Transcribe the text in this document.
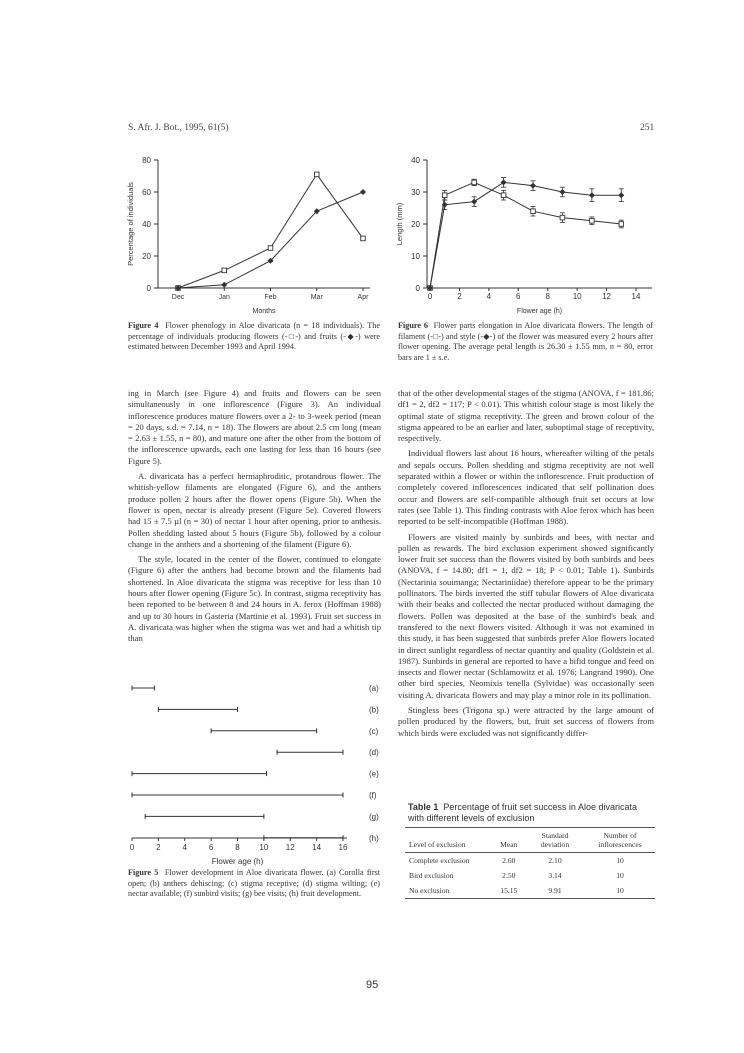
S. Afr. J. Bot., 1995, 61(5)	251
0
20
40
60
80
Dec	Jan	Feb	Mar	Apr
Months
Percentage of individuals
Figure 4 Flower phenology in Aloe divaricata (n = 18 individuals). The percentage of individuals producing flowers (-□-) and fruits (-◆-) were estimated between December 1993 and April 1994.
0
10
20
30
40
0	2	4	6	8	10	12	14
Flower age (h)
Length (mm)
Figure 6 Flower parts elongation in Aloe divaricata flowers. The length of filament (-□-) and style (-◆-) of the flower was measured every 2 hours after flower opening. The average petal length is 26.30 ± 1.55 mm, n = 80, error bars are 1 ± s.e.

ing in March (see Figure 4) and fruits and flowers can be seen simultaneously in one inflorescence (Figure 3). An individual inflorescence produces mature flowers over a 2- to 3-week period (mean = 20 days, s.d. = 7.14, n = 18). The flowers are about 2.5 cm long (mean = 2.63 ± 1.55, n = 80), and mature one after the other from the bottom of the inflorescence upwards, each one lasting for less than 16 hours (see Figure 5).

A. divaricata has a perfect hermaphroditic, protandrous flower. The whitish-yellow filaments are elongated (Figure 6), and the anthers produce pollen 2 hours after the flower opens (Figure 5b). When the flower is open, nectar is already present (Figure 5e). Covered flowers had 15 ± 7.5 µl (n = 30) of nectar 1 hour after opening, prior to anthesis. Pollen shedding lasted about 5 hours (Figure 5b), followed by a colour change in the anthers and a shortening of the filament (Figure 6).

The style, located in the center of the flower, continued to elongate (Figure 6) after the anthers had become brown and the filaments had shortened. In Aloe divaricata the stigma was receptive for less than 10 hours after flower opening (Figure 5c). In contrast, stigma receptivity has been reported to be between 8 and 24 hours in A. ferox (Hoffman 1988) and up to 30 hours in Gasteria (Martinie et al. 1993). Fruit set success in A. divaricata was higher when the stigma was wet and had a whitish tip than

that of the other developmental stages of the stigma (ANOVA, f = 181.86; df1 = 2, df2 = 117; P < 0.01). This whitish colour stage is most likely the optimal state of stigma receptivity. The green and brown colour of the stigma appeared to be an earlier and later, suboptimal stage of receptivity, respectively.

Individual flowers last about 16 hours, whereafter wilting of the petals and sepals occurs. Pollen shedding and stigma receptivity are not well separated within a flower or within the inflorescence. Fruit production of completely covered inflorescences indicated that self pollination does occur and flowers are self-compatible although fruit set occurs at low rates (see Table 1). This finding contrasts with Aloe ferox which has been reported to be self-incompatible (Hoffman 1988).

Flowers are visited mainly by sunbirds and bees, with nectar and pollen as rewards. The bird exclusion experiment showed significantly lower fruit set success than the flowers visited by both sunbirds and bees (ANOVA, f = 14.80; df1 = 1, df2 = 18; P < 0.01; Table 1). Sunbirds (Nectarinia souimanga; Nectariniidae) therefore appear to be the primary pollinators. The birds inverted the stiff tubular flowers of Aloe divaricata with their beaks and collected the nectar produced without damaging the flowers. Pollen was deposited at the base of the sunbird's beak and transfered to the next flowers visited. Although it was not examined in this study, it has been suggested that sunbirds prefer Aloe flowers located in direct sunlight regardless of nectar quantity and quality (Goldstein et al. 1987). Sunbirds in general are reported to have a bifid tongue and feed on insects and flower nectar (Schlamowitz et al. 1976; Langrand 1990). One other bird species, Neomixis tenella (Sylvidae) was occasionally seen visiting A. divaricata flowers and may play a minor role in its pollination.

Stingless bees (Trigona sp.) were attracted by the large amount of pollen produced by the flowers, but, fruit set success of flowers from which birds were excluded was not significantly differ-

(a)
(b)
(c)
(d)
(e)
(f)
(g)
(h)
0	2	4	6	8 10 12 14 16
Flower age (h)
Figure 5 Flower development in Aloe divaricata flower. (a) Corolla first open; (b) anthers dehiscing; (c) stigma receptive; (d) stigma wilting; (e) nectar available; (f) sunbird visits; (g) bee visits; (h) fruit development.
Table 1 Percentage of fruit set success in Aloe divaricata with different levels of exclusion
Level of exclusion	Mean	Standard deviation	Number of inflorescences
Complete exclusion	2.60	2.10	10
Bird exclusion	2.50	3.14	10
No exclusion	15.15	9.91	10
95
